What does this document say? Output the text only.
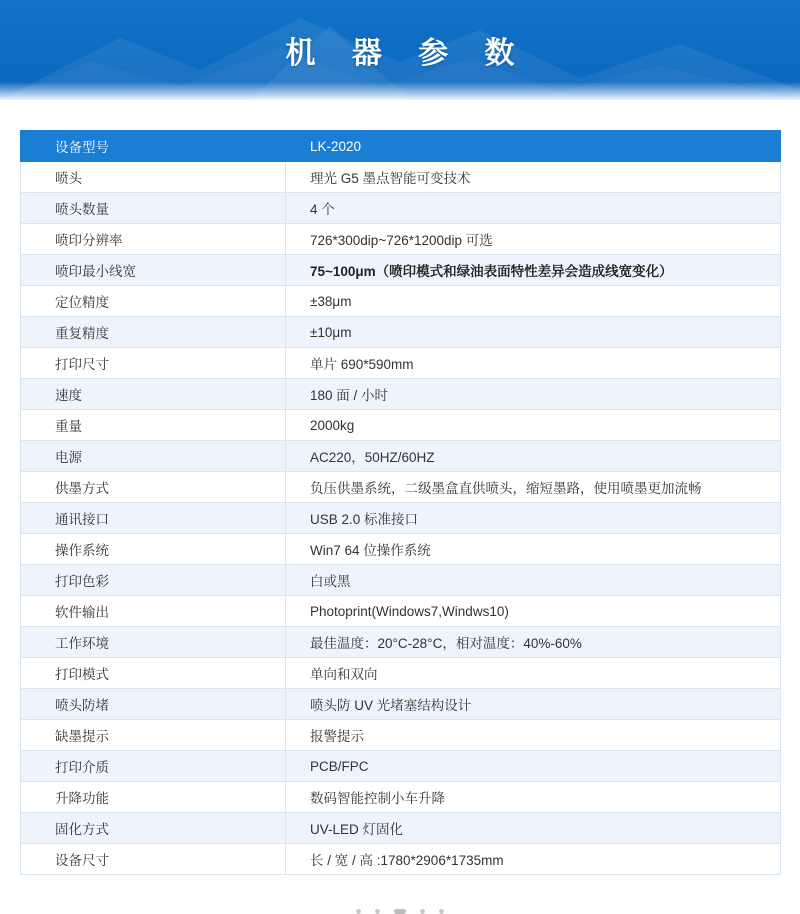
机 器 参 数
设备型号	LK-2020
喷头	理光 G5 墨点智能可变技术
喷头数量	4 个
喷印分辨率	726*300dip~726*1200dip 可选
喷印最小线宽	75~100μm（喷印模式和绿油表面特性差异会造成线宽变化）
定位精度	±38μm
重复精度	±10μm
打印尺寸	单片 690*590mm
速度	180 面 / 小时
重量	2000kg
电源	AC220，50HZ/60HZ
供墨方式	负压供墨系统，二级墨盒直供喷头，缩短墨路，使用喷墨更加流畅
通讯接口	USB 2.0 标准接口
操作系统	Win7 64 位操作系统
打印色彩	白或黑
软件输出	Photoprint(Windows7,Windws10)
工作环境	最佳温度：20°C-28°C，相对温度：40%-60%
打印模式	单向和双向
喷头防堵	喷头防 UV 光堵塞结构设计
缺墨提示	报警提示
打印介质	PCB/FPC
升降功能	数码智能控制小车升降
固化方式	UV-LED 灯固化
设备尺寸	长 / 宽 / 高 :1780*2906*1735mm
